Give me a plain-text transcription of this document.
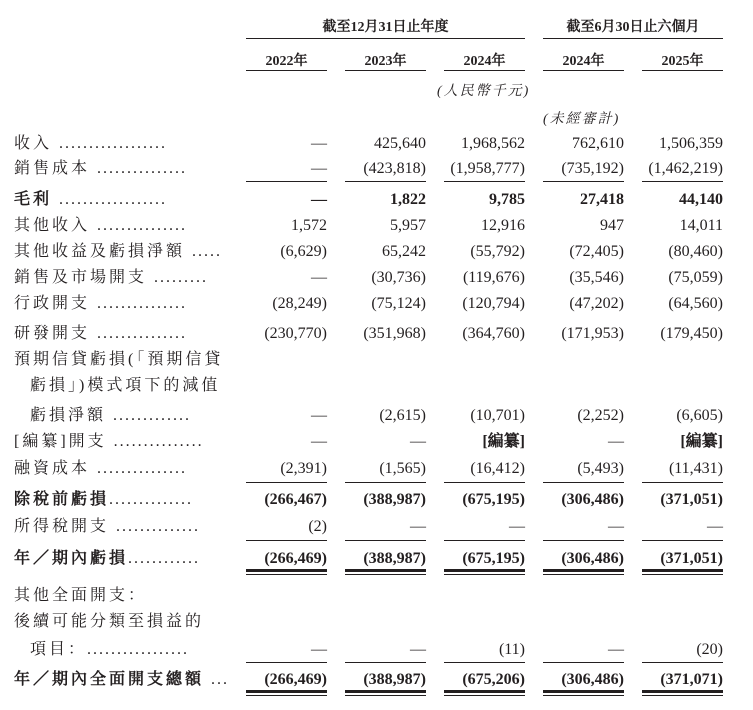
截至12月31日止年度	截至6月30日止六個月
2022年	2023年	2024年	2024年	2025年
(人民幣千元)
(未經審計)
收入 ..................	—	425,640	1,968,562	762,610	1,506,359
銷售成本 ...............	—	(423,818)	(1,958,777)	(735,192)	(1,462,219)
毛利 ..................	—	1,822	9,785	27,418	44,140
其他收入 ...............	1,572	5,957	12,916	947	14,011
其他收益及虧損淨額 .....	(6,629)	65,242	(55,792)	(72,405)	(80,460)
銷售及市場開支 .........	—	(30,736)	(119,676)	(35,546)	(75,059)
行政開支 ...............	(28,249)	(75,124)	(120,794)	(47,202)	(64,560)
研發開支 ...............	(230,770)	(351,968)	(364,760)	(171,953)	(179,450)
預期信貸虧損(「預期信貸
虧損」)模式項下的減值
虧損淨額 .............	—	(2,615)	(10,701)	(2,252)	(6,605)
[編纂]開支 ...............	—	—	[編纂]	—	[編纂]
融資成本 ...............	(2,391)	(1,565)	(16,412)	(5,493)	(11,431)
除稅前虧損..............	(266,467)	(388,987)	(675,195)	(306,486)	(371,051)
所得稅開支 ..............	(2)	—	—	—	—
年／期內虧損............	(266,469)	(388,987)	(675,195)	(306,486)	(371,051)
其他全面開支：
後續可能分類至損益的
項目：.................	—	—	(11)	—	(20)
年／期內全面開支總額 ...	(266,469)	(388,987)	(675,206)	(306,486)	(371,071)
